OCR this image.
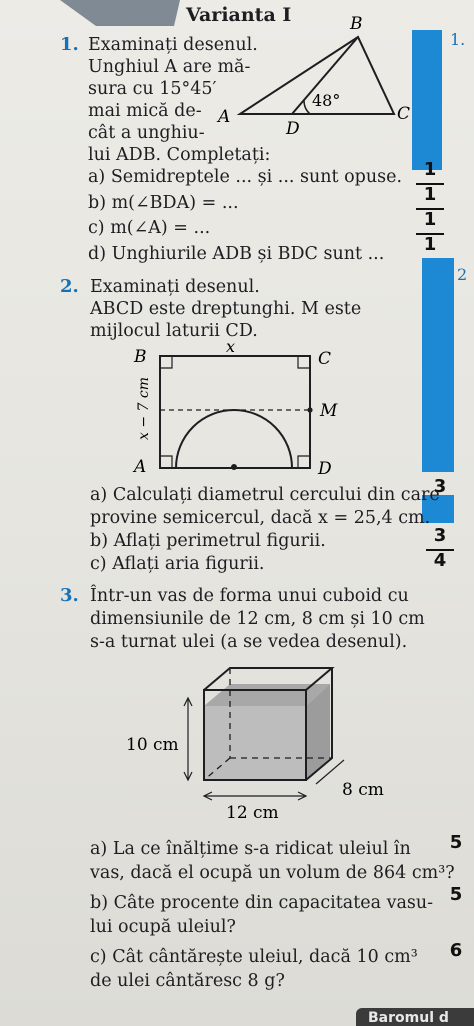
Varianta I
1.
2
1
1
1
1
3
3
4
5
5
6
1. Examinați desenul.
Unghiul A are mă-
sura cu 15°45′
mai mică de-
cât a unghiu-
lui ADB. Completați:
a) Semidreptele ... și ... sunt opuse.
b) m(∠BDA) = ...
c) m(∠A) = ...
d) Unghiurile ADB și BDC sunt ...
A
B
C
D
48°
2. Examinați desenul.
ABCD este dreptunghi. M este
mijlocul laturii CD.
B	C
A	D
M
x
x − 7 cm
a) Calculați diametrul cercului din care
provine semicercul, dacă x = 25,4 cm.
b) Aflați perimetrul figurii.
c) Aflați aria figurii.
3. Într-un vas de forma unui cuboid cu
dimensiunile de 12 cm, 8 cm și 10 cm
s-a turnat ulei (a se vedea desenul).
10 cm
12 cm
8 cm
a) La ce înălțime s-a ridicat uleiul în
vas, dacă el ocupă un volum de 864 cm³?
b) Câte procente din capacitatea vasu-
lui ocupă uleiul?
c) Cât cântărește uleiul, dacă 10 cm³
de ulei cântăresc 8 g?
Baromul d
